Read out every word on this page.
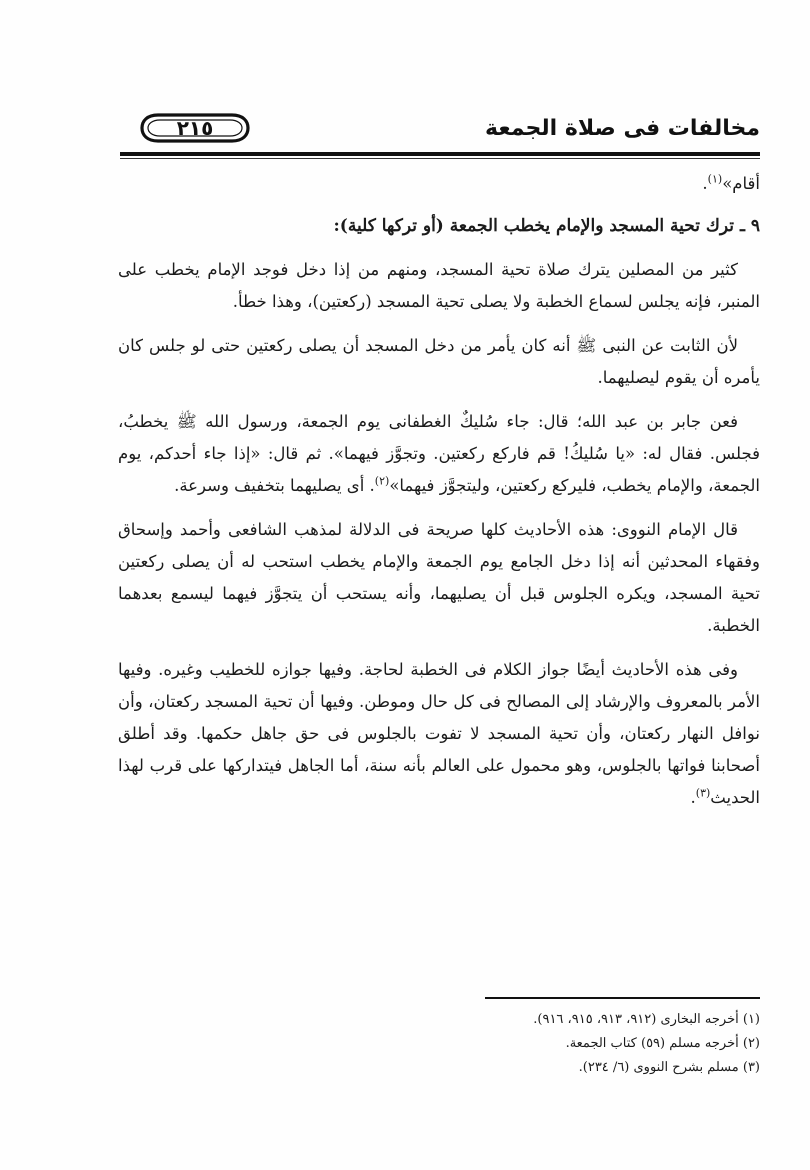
مخالفات فى صلاة الجمعة
٢١٥

أقام»$^{(١)}$.

٩ ـ ترك تحية المسجد والإمام يخطب الجمعة (أو تركها كلية):

كثير من المصلين يترك صلاة تحية المسجد، ومنهم من إذا دخل فوجد الإمام يخطب على المنبر، فإنه يجلس لسماع الخطبة ولا يصلى تحية المسجد (ركعتين)، وهذا خطأ.

لأن الثابت عن النبى ﷺ أنه كان يأمر من دخل المسجد أن يصلى ركعتين حتى لو جلس كان يأمره أن يقوم ليصليهما.

فعن جابر بن عبد الله؛ قال: جاء سُليكٌ الغطفانى يوم الجمعة، ورسول الله ﷺ يخطبُ، فجلس. فقال له: «يا سُليكُ! قم فاركع ركعتين. وتجوَّز فيهما». ثم قال: «إذا جاء أحدكم، يوم الجمعة، والإمام يخطب، فليركع ركعتين، وليتجوَّز فيهما»$^{(٢)}$. أى يصليهما بتخفيف وسرعة.

قال الإمام النووى: هذه الأحاديث كلها صريحة فى الدلالة لمذهب الشافعى وأحمد وإسحاق وفقهاء المحدثين أنه إذا دخل الجامع يوم الجمعة والإمام يخطب استحب له أن يصلى ركعتين تحية المسجد، ويكره الجلوس قبل أن يصليهما، وأنه يستحب أن يتجوَّز فيهما ليسمع بعدهما الخطبة.

وفى هذه الأحاديث أيضًا جواز الكلام فى الخطبة لحاجة. وفيها جوازه للخطيب وغيره. وفيها الأمر بالمعروف والإرشاد إلى المصالح فى كل حال وموطن. وفيها أن تحية المسجد ركعتان، وأن نوافل النهار ركعتان، وأن تحية المسجد لا تفوت بالجلوس فى حق جاهل حكمها. وقد أطلق أصحابنا فواتها بالجلوس، وهو محمول على العالم بأنه سنة، أما الجاهل فيتداركها على قرب لهذا الحديث$^{(٣)}$.

(١) أخرجه البخارى (٩١٢، ٩١٣، ٩١٥، ٩١٦).

(٢) أخرجه مسلم (٥٩) كتاب الجمعة.

(٣) مسلم بشرح النووى (٦/ ٢٣٤).
